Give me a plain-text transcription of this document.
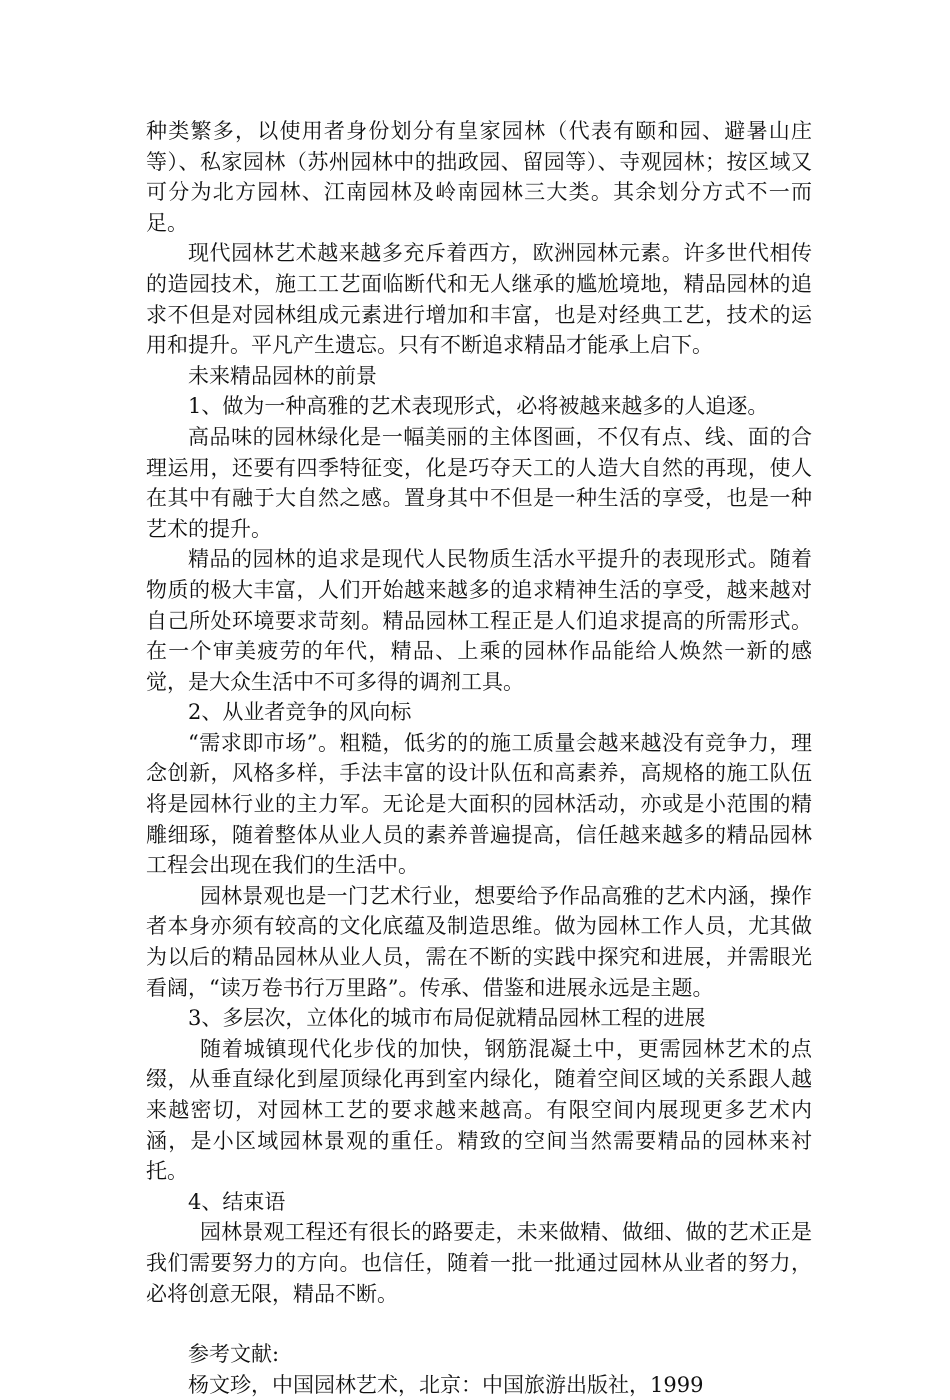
种类繁多，以使用者身份划分有皇家园林（代表有颐和园、避暑山庄等）、私家园林（苏州园林中的拙政园、留园等）、寺观园林；按区域又可分为北方园林、江南园林及岭南园林三大类。其余划分方式不一而足。

现代园林艺术越来越多充斥着西方，欧洲园林元素。许多世代相传的造园技术，施工工艺面临断代和无人继承的尴尬境地，精品园林的追求不但是对园林组成元素进行增加和丰富，也是对经典工艺，技术的运用和提升。平凡产生遗忘。只有不断追求精品才能承上启下。

未来精品园林的前景

1、做为一种高雅的艺术表现形式，必将被越来越多的人追逐。

高品味的园林绿化是一幅美丽的主体图画，不仅有点、线、面的合理运用，还要有四季特征变，化是巧夺天工的人造大自然的再现，使人在其中有融于大自然之感。置身其中不但是一种生活的享受，也是一种艺术的提升。

精品的园林的追求是现代人民物质生活水平提升的表现形式。随着物质的极大丰富，人们开始越来越多的追求精神生活的享受，越来越对自己所处环境要求苛刻。精品园林工程正是人们追求提高的所需形式。在一个审美疲劳的年代，精品、上乘的园林作品能给人焕然一新的感觉，是大众生活中不可多得的调剂工具。

2、从业者竞争的风向标

“需求即市场”。粗糙，低劣的的施工质量会越来越没有竞争力，理念创新，风格多样，手法丰富的设计队伍和高素养，高规格的施工队伍将是园林行业的主力军。无论是大面积的园林活动，亦或是小范围的精雕细琢，随着整体从业人员的素养普遍提高，信任越来越多的精品园林工程会出现在我们的生活中。

园林景观也是一门艺术行业，想要给予作品高雅的艺术内涵，操作者本身亦须有较高的文化底蕴及制造思维。做为园林工作人员，尤其做为以后的精品园林从业人员，需在不断的实践中探究和进展，并需眼光看阔，“读万卷书行万里路”。传承、借鉴和进展永远是主题。

3、多层次，立体化的城市布局促就精品园林工程的进展

随着城镇现代化步伐的加快，钢筋混凝土中，更需园林艺术的点缀，从垂直绿化到屋顶绿化再到室内绿化，随着空间区域的关系跟人越来越密切，对园林工艺的要求越来越高。有限空间内展现更多艺术内涵，是小区域园林景观的重任。精致的空间当然需要精品的园林来衬托。

4、结束语

园林景观工程还有很长的路要走，未来做精、做细、做的艺术正是我们需要努力的方向。也信任，随着一批一批通过园林从业者的努力，必将创意无限，精品不断。

参考文献:

杨文珍，中国园林艺术，北京：中国旅游出版社，1999
